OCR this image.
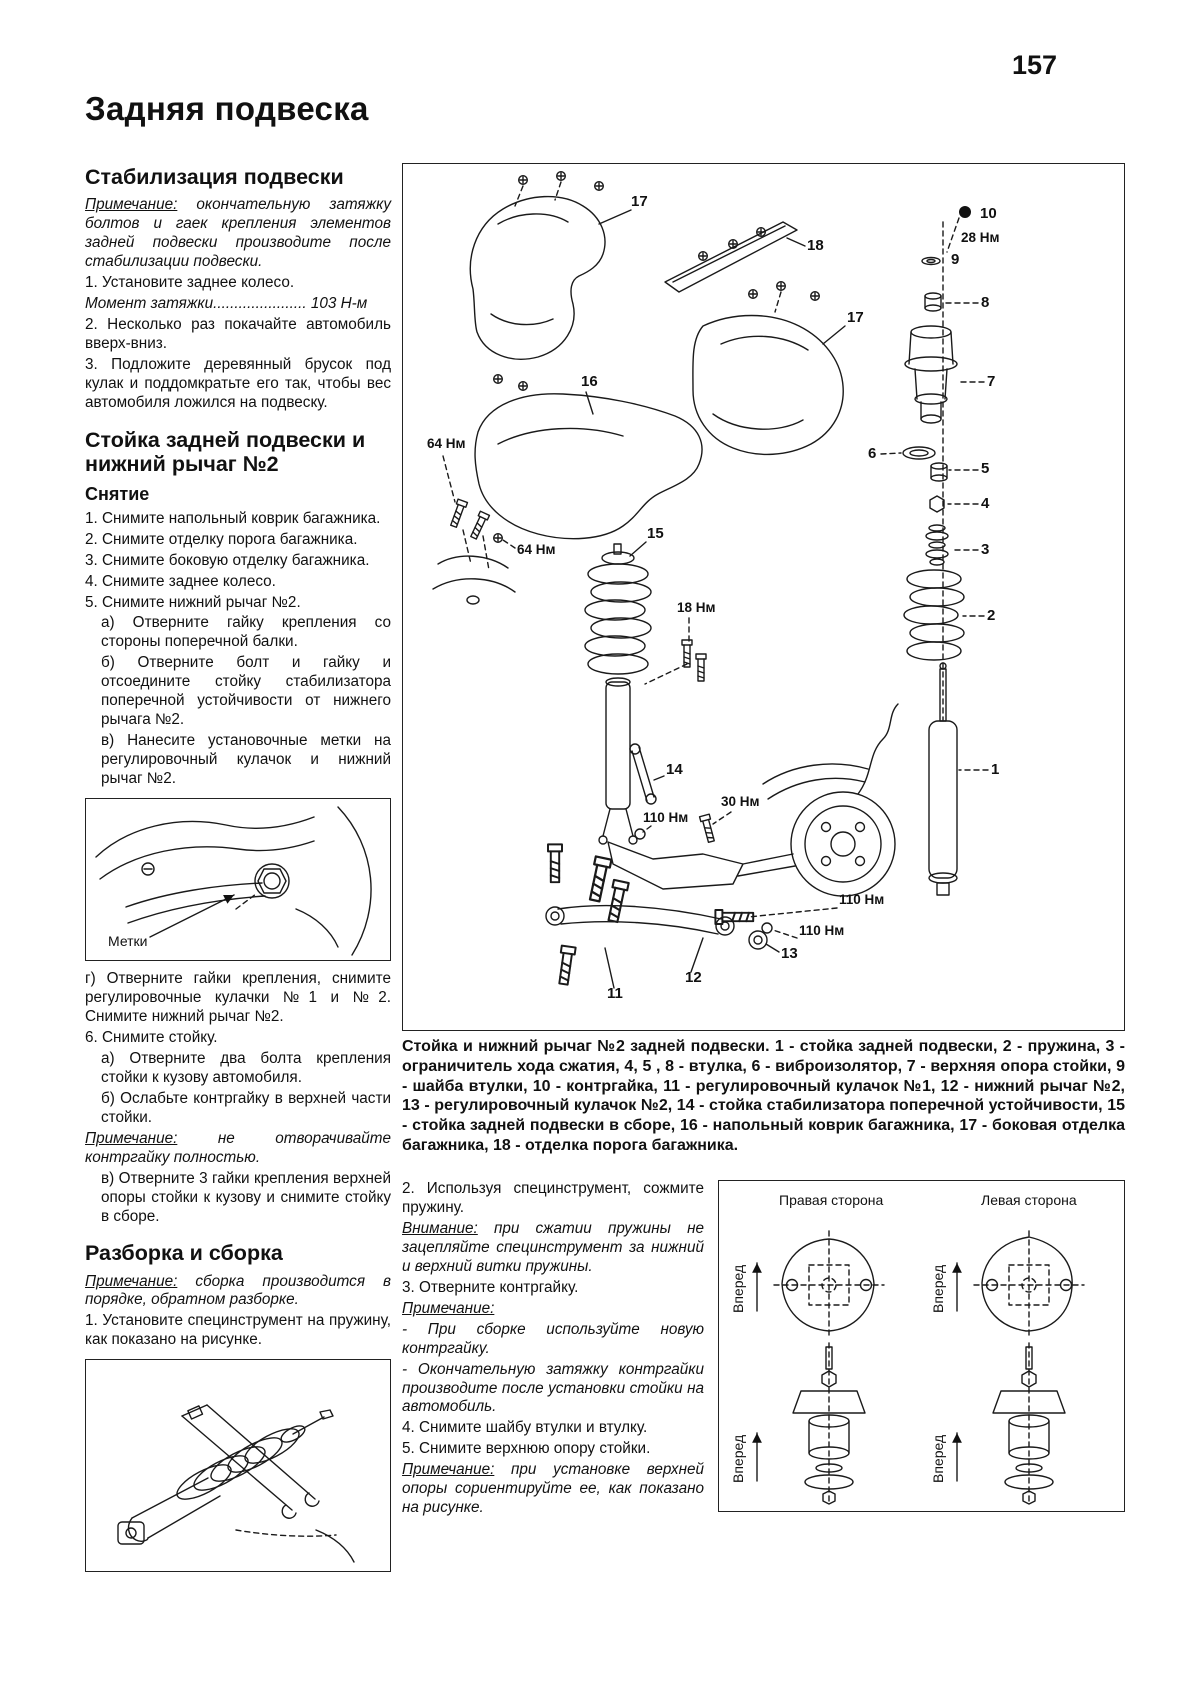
157
Задняя подвеска
Стабилизация подвески

Примечание: окончательную затяжку болтов и гаек крепления элементов задней подвески производите после стабилизации подвески.

1. Установите заднее колесо.

Момент затяжки...................... 103 Н-м

2. Несколько раз покачайте автомобиль вверх-вниз.

3. Подложите деревянный брусок под кулак и поддомкратьте его так, чтобы вес автомобиля ложился на подвеску.

Стойка задней подвески и нижний рычаг №2
Снятие

1. Снимите напольный коврик багажника.

2. Снимите отделку порога багажника.

3. Снимите боковую отделку багажника.

4. Снимите заднее колесо.

5. Снимите нижний рычаг №2.

а) Отверните гайку крепления со стороны поперечной балки.

б) Отверните болт и гайку и отсоедините стойку стабилизатора поперечной устойчивости от нижнего рычага №2.

в) Нанесите установочные метки на регулировочный кулачок и нижний рычаг №2.

Метки

г) Отверните гайки крепления, снимите регулировочные кулачки №1 и №2. Снимите нижний рычаг №2.

6. Снимите стойку.

а) Отверните два болта крепления стойки к кузову автомобиля.

б) Ослабьте контргайку в верхней части стойки.

Примечание:	не отворачивайте контргайку полностью.

в) Отверните 3 гайки крепления верхней опоры стойки к кузову и снимите стойку в сборе.

Разборка и сборка

Примечание: сборка производится в порядке, обратном разборке.

1. Установите специнструмент на пружину, как показано на рисунке.

17
18
17
16
64 Нм
64 Нм
15
18 Нм
14
110 Нм
30 Нм
12
11
13
110 Нм
110 Нм
10
28 Нм
9
8
7
6
5
4
3
2
1

Стойка и нижний рычаг №2 задней подвески. 1 - стойка задней подвески, 2 - пружина, 3 - ограничитель хода сжатия, 4, 5 , 8 - втулка, 6 - виброизолятор, 7 - верхняя опора стойки, 9 - шайба втулки, 10 - контргайка, 11 - регулировочный кулачок №1, 12 - нижний рычаг №2, 13 - регулировочный кулачок №2, 14 - стойка стабилизатора поперечной устойчивости, 15 - стойка задней подвески в сборе, 16 - напольный коврик багажника, 17 - боковая отделка багажника, 18 - отделка порога багажника.

2. Используя специнструмент, сожмите пружину.

Внимание: при сжатии пружины не зацепляйте специнструмент за нижний и верхний витки пружины.

3. Отверните контргайку.

Примечание:

- При сборке используйте новую контргайку.

- Окончательную затяжку контргайки производите после установки стойки на автомобиль.

4. Снимите шайбу втулки и втулку.

5. Снимите верхнюю опору стойки.

Примечание: при установке верхней опоры сориентируйте ее, как показано на рисунке.

Правая сторона
Вперед
Вперед
Левая сторона
Вперед
Вперед
